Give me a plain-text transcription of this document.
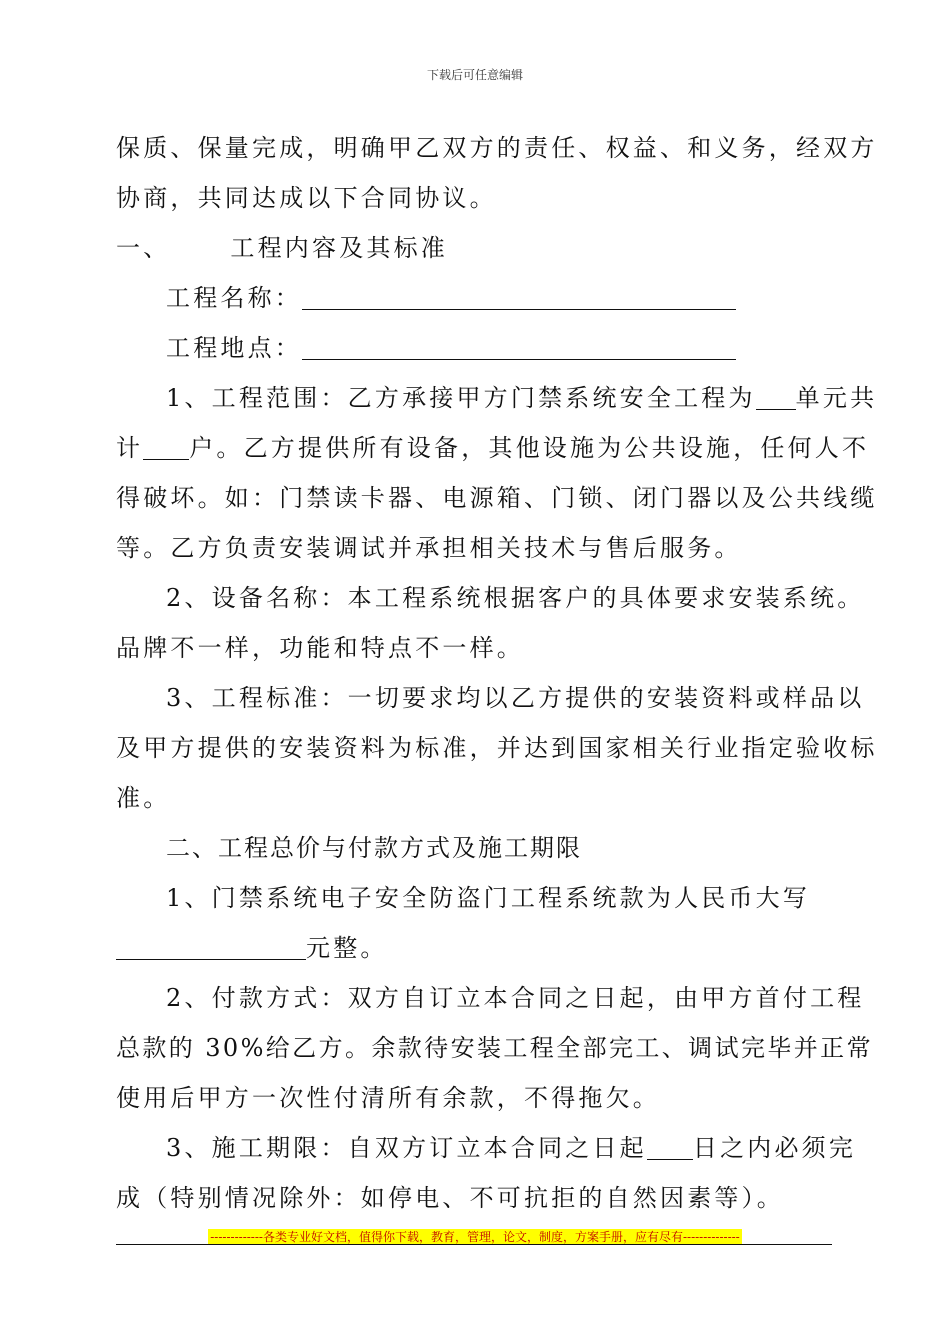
下载后可任意编辑
保质、保量完成，明确甲乙双方的责任、权益、和义务，经双方
协商，共同达成以下合同协议。
一、	工程内容及其标准
工程名称：
工程地点：
1、工程范围：乙方承接甲方门禁系统安全工程为 单元共
计 户。乙方提供所有设备，其他设施为公共设施，任何人不
得破坏。如：门禁读卡器、电源箱、门锁、闭门器以及公共线缆
等。乙方负责安装调试并承担相关技术与售后服务。
2、设备名称：本工程系统根据客户的具体要求安装系统。
品牌不一样，功能和特点不一样。
3、工程标准：一切要求均以乙方提供的安装资料或样品以
及甲方提供的安装资料为标准，并达到国家相关行业指定验收标
准。
二、工程总价与付款方式及施工期限
1、门禁系统电子安全防盗门工程系统款为人民币大写
元整。
2、付款方式：双方自订立本合同之日起，由甲方首付工程
总款的 30%给乙方。余款待安装工程全部完工、调试完毕并正常
使用后甲方一次性付清所有余款，不得拖欠。
3、施工期限：自双方订立本合同之日起 日之内必须完
成（特别情况除外：如停电、不可抗拒的自然因素等）。
-------------各类专业好文档，值得你下载，教育，管理，论文，制度，方案手册，应有尽有--------------
